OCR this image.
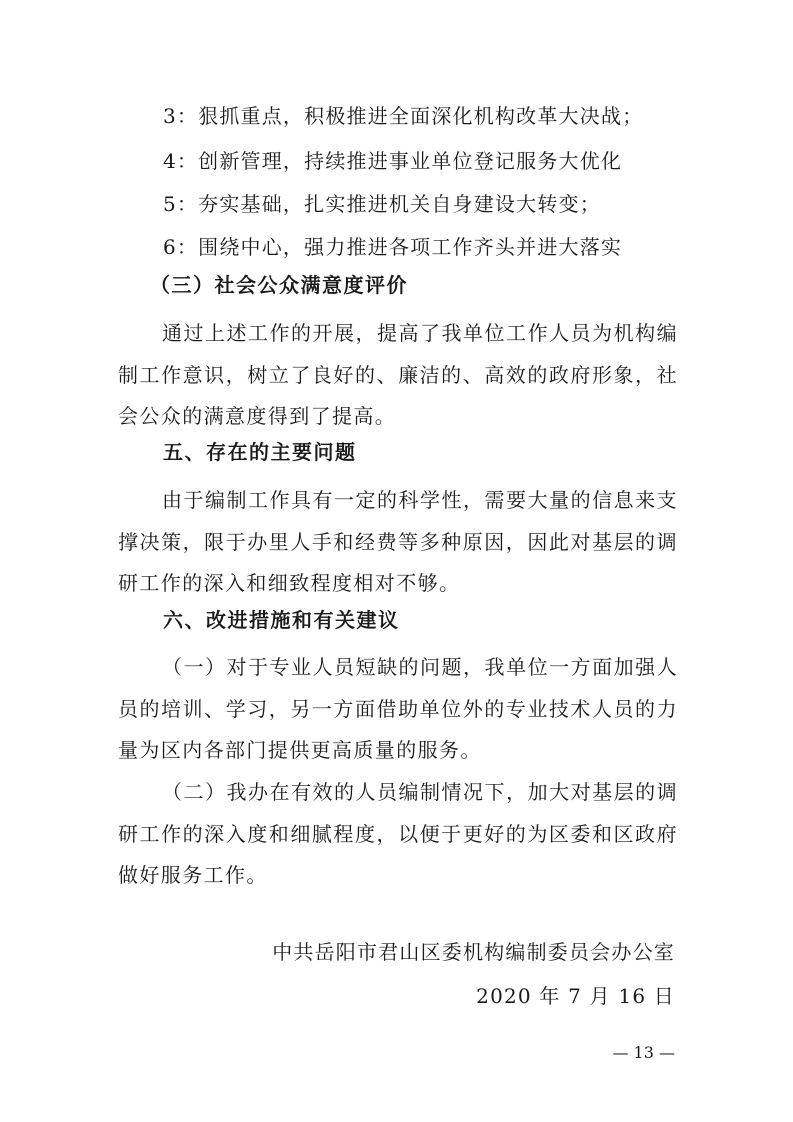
3：狠抓重点，积极推进全面深化机构改革大决战；
4：创新管理，持续推进事业单位登记服务大优化
5：夯实基础，扎实推进机关自身建设大转变；
6：围绕中心，强力推进各项工作齐头并进大落实
（三）社会公众满意度评价

通过上述工作的开展，提高了我单位工作人员为机构编制工作意识，树立了良好的、廉洁的、高效的政府形象，社会公众的满意度得到了提高。

五、存在的主要问题

由于编制工作具有一定的科学性，需要大量的信息来支撑决策，限于办里人手和经费等多种原因，因此对基层的调研工作的深入和细致程度相对不够。

六、改进措施和有关建议

（一）对于专业人员短缺的问题，我单位一方面加强人员的培训、学习，另一方面借助单位外的专业技术人员的力量为区内各部门提供更高质量的服务。

（二）我办在有效的人员编制情况下，加大对基层的调研工作的深入度和细腻程度，以便于更好的为区委和区政府做好服务工作。

中共岳阳市君山区委机构编制委员会办公室
2020 年 7 月 16 日
— 13 —
